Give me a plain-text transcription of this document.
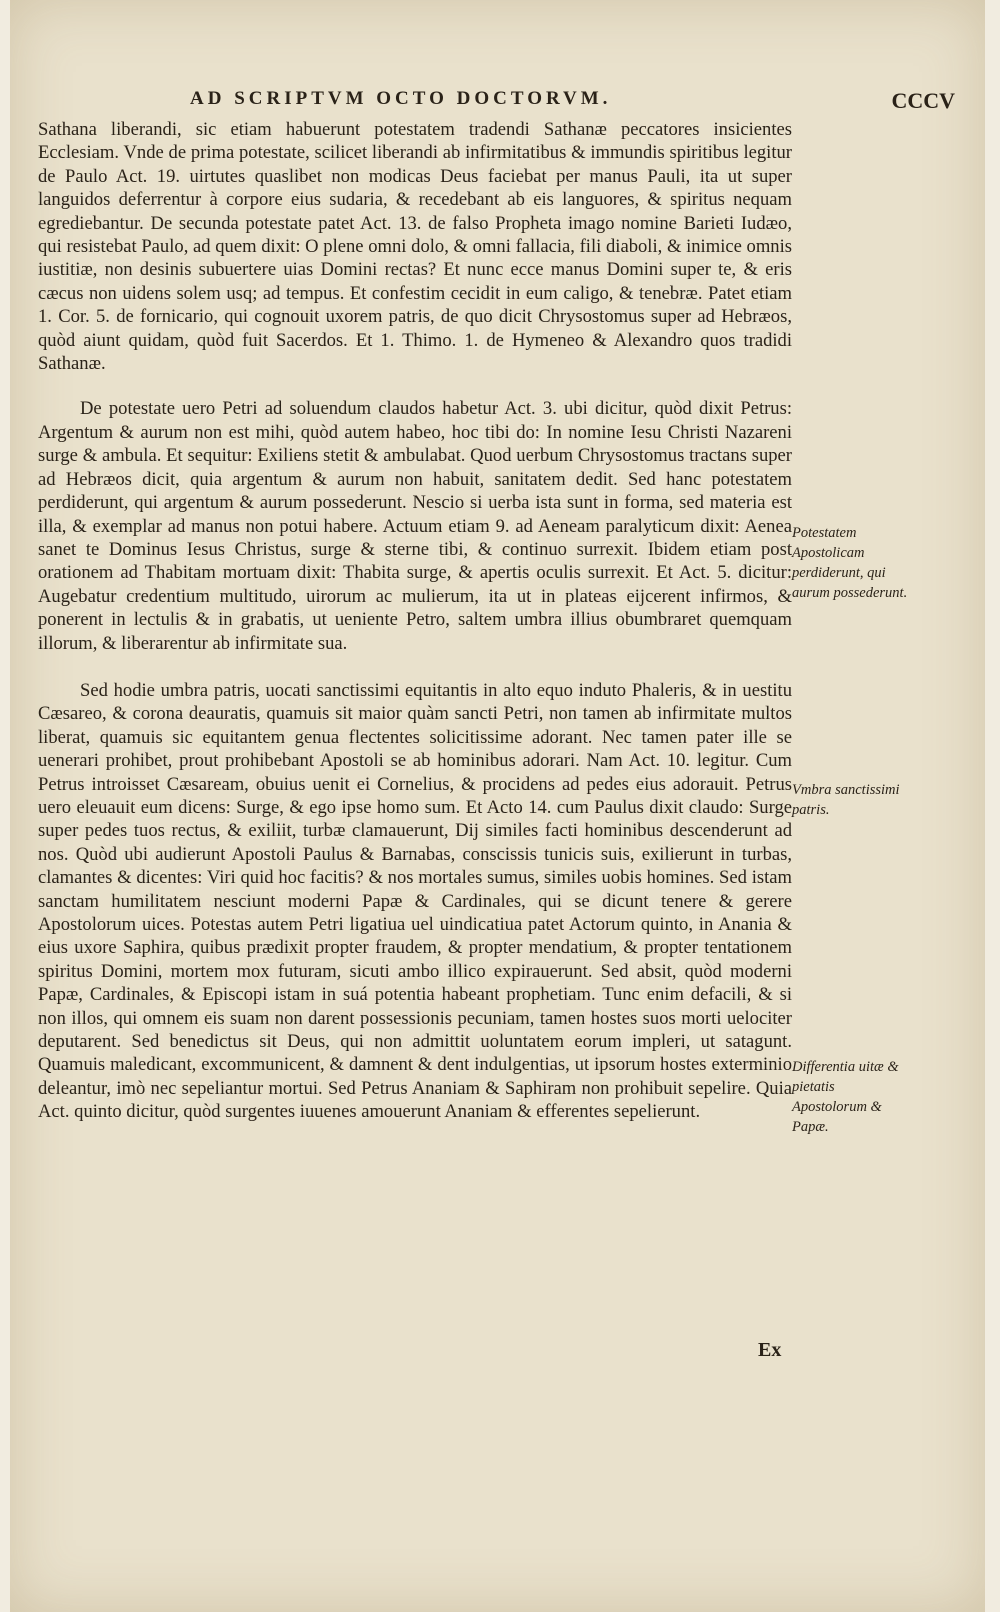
AD SCRIPTVM OCTO DOCTORVM.	CCCV

Sathana liberandi, sic etiam habuerunt potestatem tradendi Sathanæ peccatores insicientes Ecclesiam. Vnde de prima potestate, scilicet liberandi ab infirmitatibus & immundis spiritibus legitur de Paulo Act. 19. uirtutes quaslibet non modicas Deus faciebat per manus Pauli, ita ut super languidos deferrentur à corpore eius sudaria, & recedebant ab eis languores, & spiritus nequam egrediebantur. De secunda potestate patet Act. 13. de falso Propheta imago nomine Barieti Iudæo, qui resistebat Paulo, ad quem dixit: O plene omni dolo, & omni fallacia, fili diaboli, & inimice omnis iustitiæ, non desinis subuertere uias Domini rectas? Et nunc ecce manus Domini super te, & eris cæcus non uidens solem usq; ad tempus. Et confestim cecidit in eum caligo, & tenebræ. Patet etiam 1. Cor. 5. de fornicario, qui cognouit uxorem patris, de quo dicit Chrysostomus super ad Hebræos, quòd aiunt quidam, quòd fuit Sacerdos. Et 1. Thimo. 1. de Hymeneo & Alexandro quos tradidi Sathanæ.

De potestate uero Petri ad soluendum claudos habetur Act. 3. ubi dicitur, quòd dixit Petrus: Argentum & aurum non est mihi, quòd autem habeo, hoc tibi do: In nomine Iesu Christi Nazareni surge & ambula. Et sequitur: Exiliens stetit & ambulabat. Quod uerbum Chrysostomus tractans super ad Hebræos dicit, quia argentum & aurum non habuit, sanitatem dedit. Sed hanc potestatem perdiderunt, qui argentum & aurum possederunt. Nescio si uerba ista sunt in forma, sed materia est illa, & exemplar ad manus non potui habere. Actuum etiam 9. ad Aeneam paralyticum dixit: Aenea sanet te Dominus Iesus Christus, surge & sterne tibi, & continuo surrexit. Ibidem etiam post orationem ad Thabitam mortuam dixit: Thabita surge, & apertis oculis surrexit. Et Act. 5. dicitur: Augebatur credentium multitudo, uirorum ac mulierum, ita ut in plateas eijcerent infirmos, & ponerent in lectulis & in grabatis, ut ueniente Petro, saltem umbra illius obumbraret quemquam illorum, & liberarentur ab infirmitate sua.

Sed hodie umbra patris, uocati sanctissimi equitantis in alto equo induto Phaleris, & in uestitu Cæsareo, & corona deauratis, quamuis sit maior quàm sancti Petri, non tamen ab infirmitate multos liberat, quamuis sic equitantem genua flectentes solicitissime adorant. Nec tamen pater ille se uenerari prohibet, prout prohibebant Apostoli se ab hominibus adorari. Nam Act. 10. legitur. Cum Petrus introisset Cæsaream, obuius uenit ei Cornelius, & procidens ad pedes eius adorauit. Petrus uero eleuauit eum dicens: Surge, & ego ipse homo sum. Et Acto 14. cum Paulus dixit claudo: Surge super pedes tuos rectus, & exiliit, turbæ clamauerunt, Dij similes facti hominibus descenderunt ad nos. Quòd ubi audierunt Apostoli Paulus & Barnabas, conscissis tunicis suis, exilierunt in turbas, clamantes & dicentes: Viri quid hoc facitis? & nos mortales sumus, similes uobis homines. Sed istam sanctam humilitatem nesciunt moderni Papæ & Cardinales, qui se dicunt tenere & gerere Apostolorum uices. Potestas autem Petri ligatiua uel uindicatiua patet Actorum quinto, in Anania & eius uxore Saphira, quibus prædixit propter fraudem, & propter mendatium, & propter tentationem spiritus Domini, mortem mox futuram, sicuti ambo illico expirauerunt. Sed absit, quòd moderni Papæ, Cardinales, & Episcopi istam in suá potentia habeant prophetiam. Tunc enim defacili, & si non illos, qui omnem eis suam non darent possessionis pecuniam, tamen hostes suos morti uelociter deputarent. Sed benedictus sit Deus, qui non admittit uoluntatem eorum impleri, ut satagunt. Quamuis maledicant, excommunicent, & damnent & dent indulgentias, ut ipsorum hostes exterminio deleantur, imò nec sepeliantur mortui. Sed Petrus Ananiam & Saphiram non prohibuit sepelire. Quia Act. quinto dicitur, quòd surgentes iuuenes amouerunt Ananiam & efferentes sepelierunt.

Ex
Potestatem Apostolicam perdiderunt, qui aurum possederunt.
Vmbra sanctissimi patris.
Differentia uitæ & pietatis Apostolorum & Papæ.
